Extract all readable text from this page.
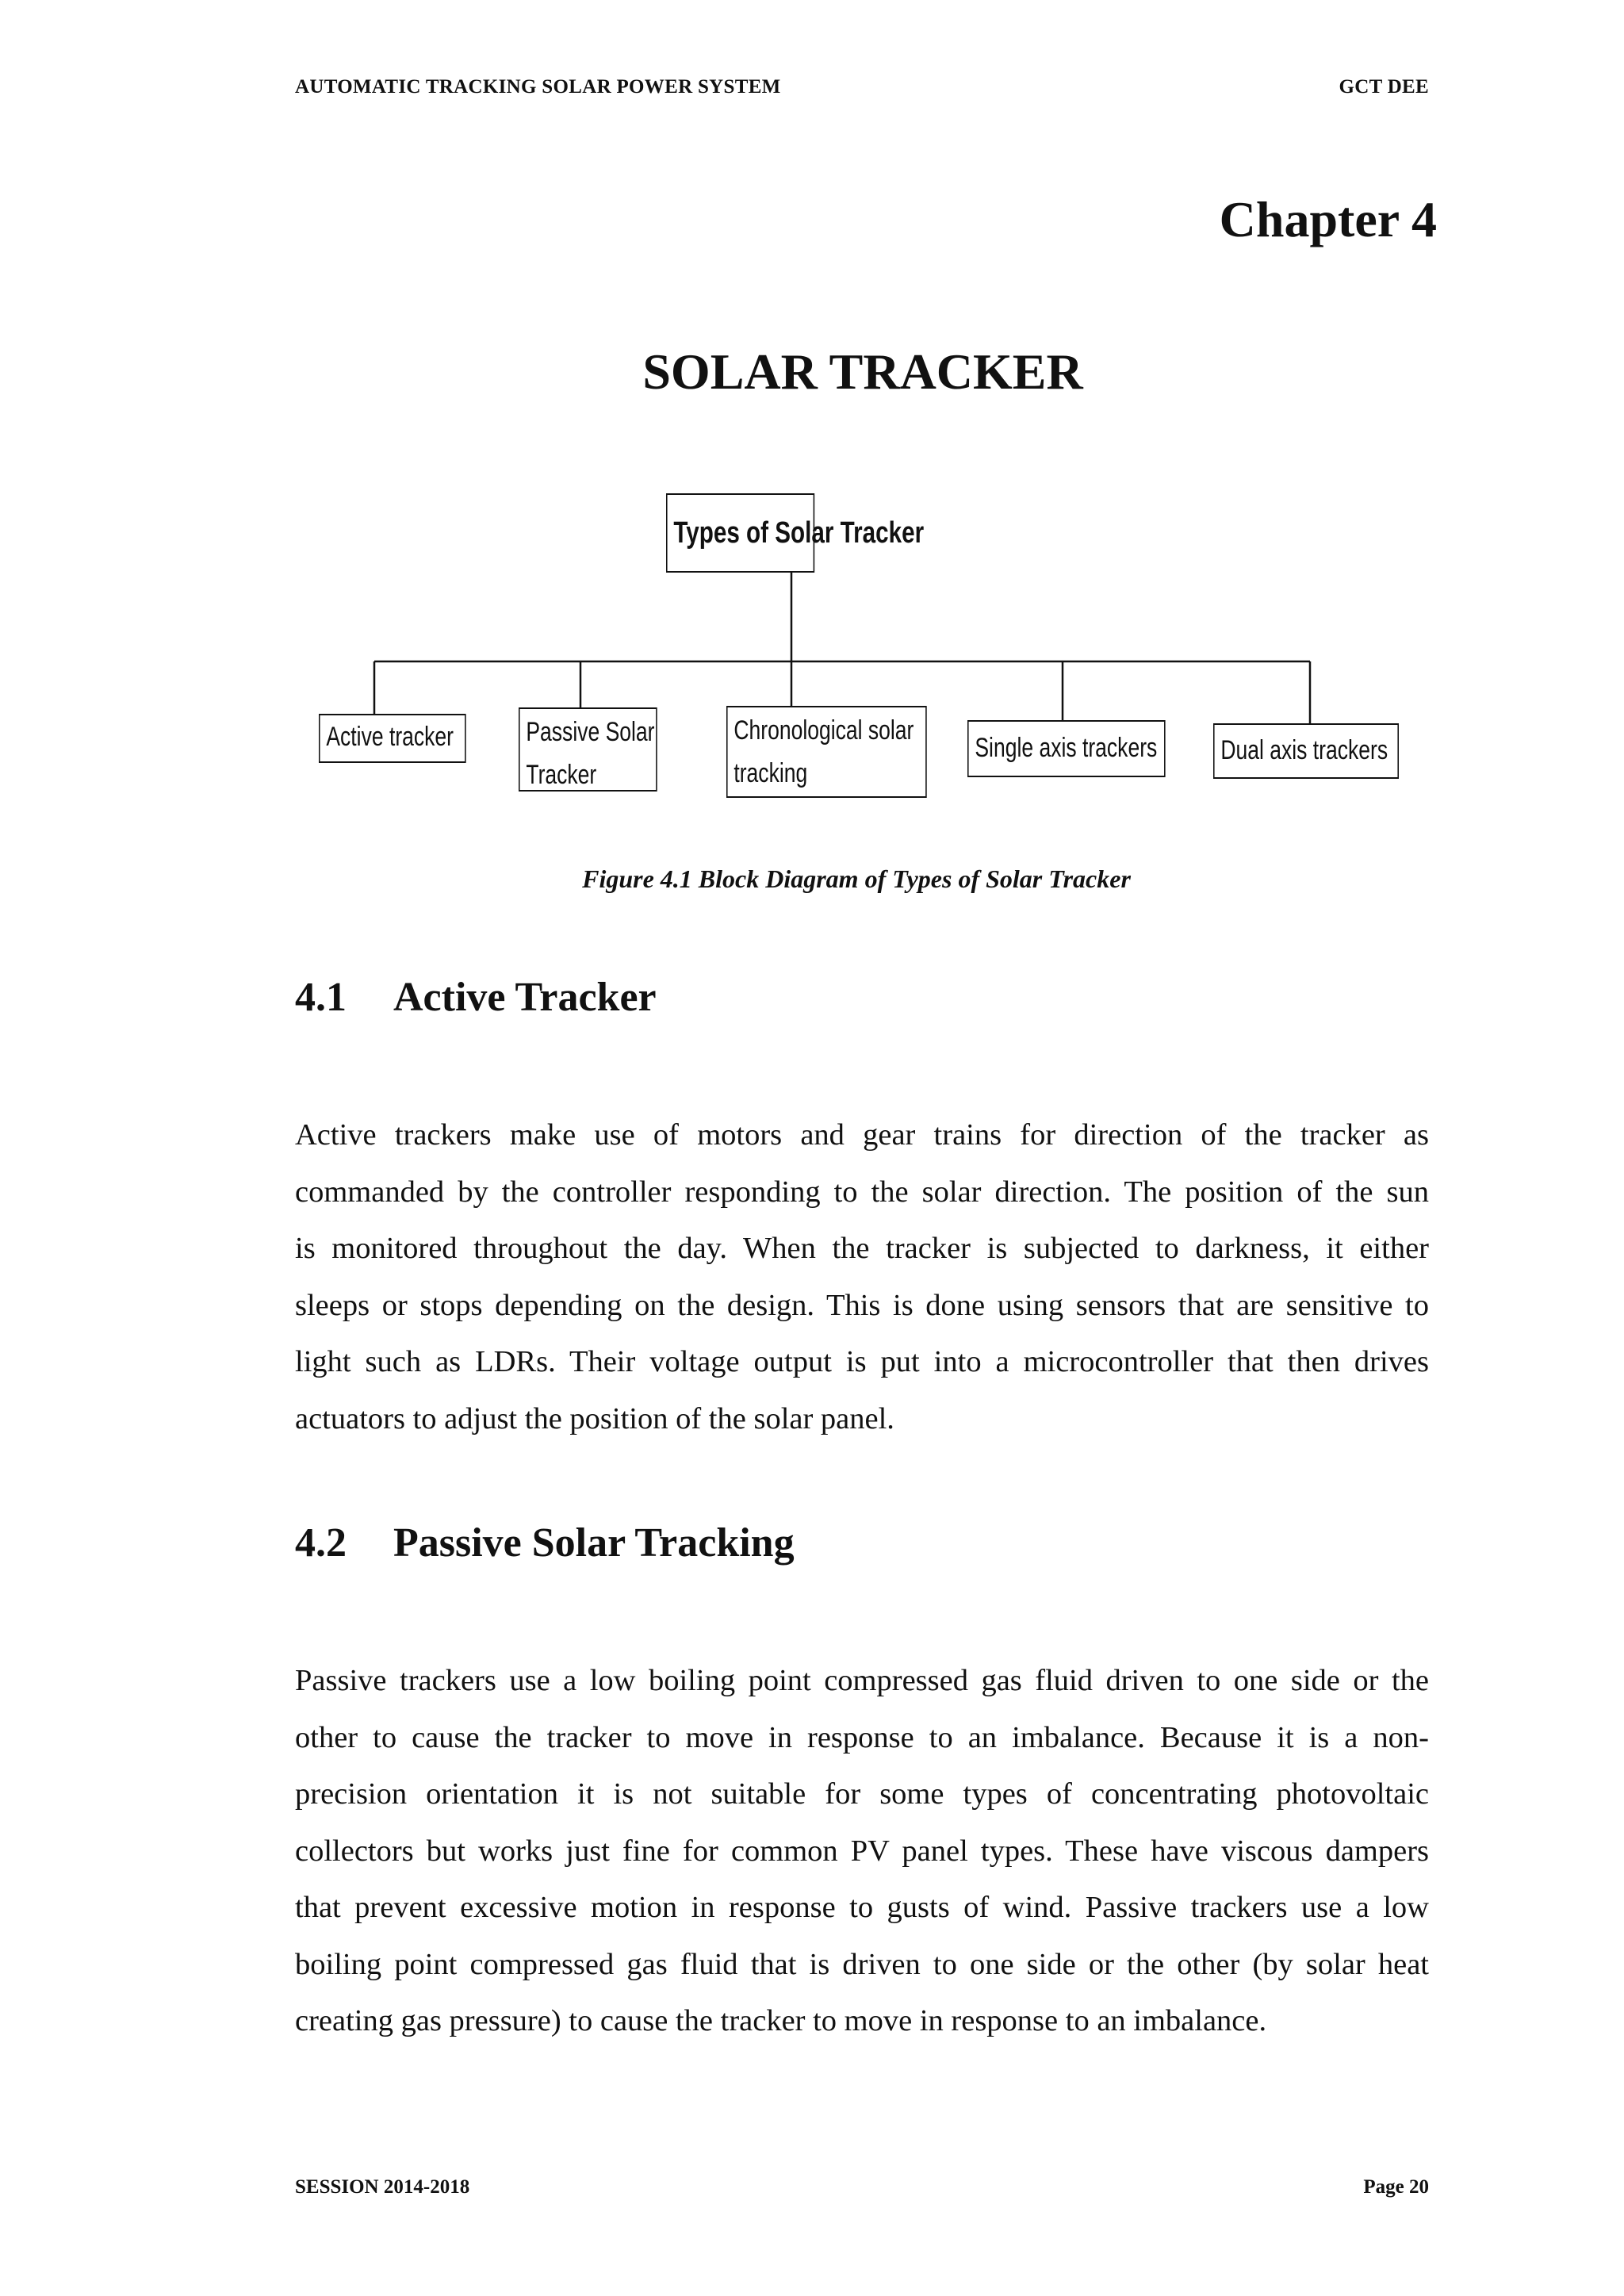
AUTOMATIC TRACKING SOLAR POWER SYSTEM	GCT DEE
Chapter 4
SOLAR TRACKER
Types of Solar Tracker
Active tracker	Passive Solar
Tracker
Chronological solar
tracking
Single axis trackers	Dual axis trackers
Figure 4.1 Block Diagram of Types of Solar Tracker
4.1 Active Tracker
Active trackers make use of motors and gear trains for direction of the tracker as
commanded by the controller responding to the solar direction. The position of the sun
is monitored throughout the day. When the tracker is subjected to darkness, it either
sleeps or stops depending on the design. This is done using sensors that are sensitive to
light such as LDRs. Their voltage output is put into a microcontroller that then drives
actuators to adjust the position of the solar panel.
4.2 Passive Solar Tracking
Passive trackers use a low boiling point compressed gas fluid driven to one side or the
other to cause the tracker to move in response to an imbalance. Because it is a non-
precision orientation it is not suitable for some types of concentrating photovoltaic
collectors but works just fine for common PV panel types. These have viscous dampers
that prevent excessive motion in response to gusts of wind. Passive trackers use a low
boiling point compressed gas fluid that is driven to one side or the other (by solar heat
creating gas pressure) to cause the tracker to move in response to an imbalance.
SESSION 2014-2018	Page 20
